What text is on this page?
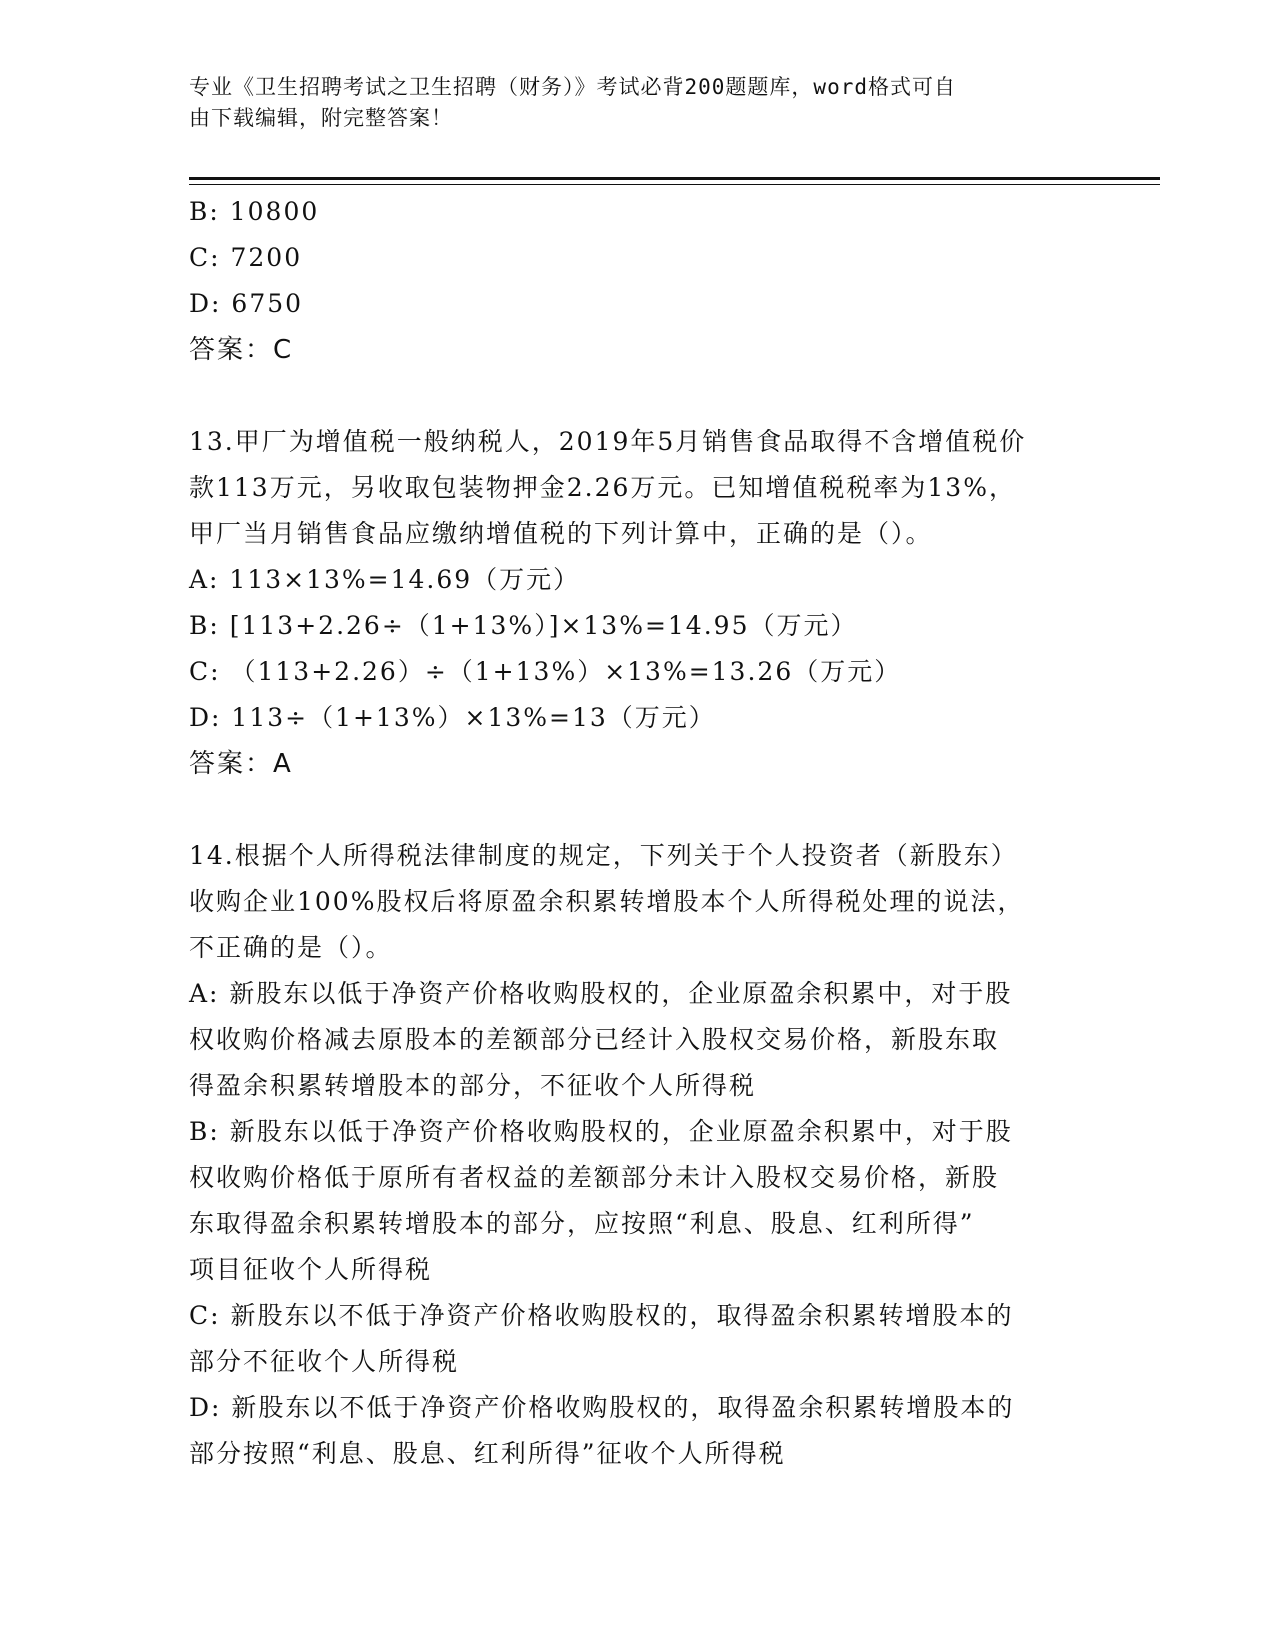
专业《卫生招聘考试之卫生招聘（财务）》考试必背200题题库，word格式可自
由下载编辑，附完整答案！
B: 10800
C: 7200
D: 6750
答案：C
13.甲厂为增值税一般纳税人，2019年5月销售食品取得不含增值税价
款113万元，另收取包装物押金2.26万元。已知增值税税率为13%，
甲厂当月销售食品应缴纳增值税的下列计算中，正确的是（）。
A: 113×13%=14.69（万元）
B: [113+2.26÷（1+13%）]×13%=14.95（万元）
C: （113+2.26）÷（1+13%）×13%=13.26（万元）
D: 113÷（1+13%）×13%=13（万元）
答案：A
14.根据个人所得税法律制度的规定，下列关于个人投资者（新股东）
收购企业100%股权后将原盈余积累转增股本个人所得税处理的说法，
不正确的是（）。
A: 新股东以低于净资产价格收购股权的，企业原盈余积累中，对于股
权收购价格减去原股本的差额部分已经计入股权交易价格，新股东取
得盈余积累转增股本的部分，不征收个人所得税
B: 新股东以低于净资产价格收购股权的，企业原盈余积累中，对于股
权收购价格低于原所有者权益的差额部分未计入股权交易价格，新股
东取得盈余积累转增股本的部分，应按照“利息、股息、红利所得”
项目征收个人所得税
C: 新股东以不低于净资产价格收购股权的，取得盈余积累转增股本的
部分不征收个人所得税
D: 新股东以不低于净资产价格收购股权的，取得盈余积累转增股本的
部分按照“利息、股息、红利所得”征收个人所得税
